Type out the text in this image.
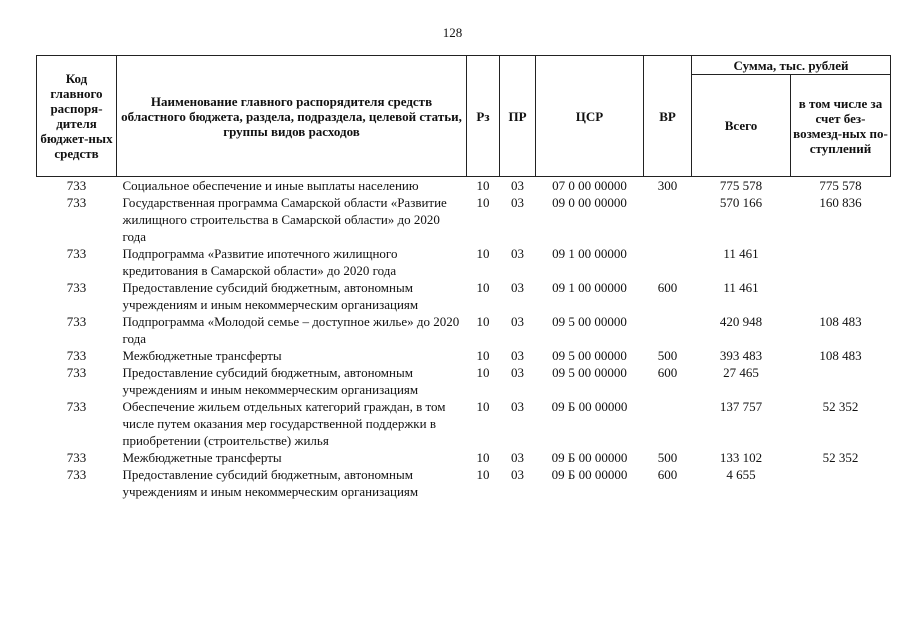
128
Код главного распоря-дителя бюджет-ных средств	Наименование главного распорядителя средств областного бюджета, раздела, подраздела, целевой статьи, группы видов расходов	Рз	ПР	ЦСР	ВР	Сумма, тыс. рублей	
						Всего	в том числе за счет без-возмезд-ных по-ступлений
733	Социальное обеспечение и иные выплаты населению	10	03	07 0 00 00000	300	775 578	775 578
733	Государственная программа Самарской области «Развитие жилищного строительства в Самарской области» до 2020 года	10	03	09 0 00 00000		570 166	160 836
733	Подпрограмма «Развитие ипотечного жилищного кредитования в Самарской области» до 2020 года	10	03	09 1 00 00000		11 461	
733	Предоставление субсидий бюджетным, автономным учреждениям и иным некоммерческим организациям	10	03	09 1 00 00000	600	11 461	
733	Подпрограмма «Молодой семье – доступное жилье» до 2020 года	10	03	09 5 00 00000		420 948	108 483
733	Межбюджетные трансферты	10	03	09 5 00 00000	500	393 483	108 483
733	Предоставление субсидий бюджетным, автономным учреждениям и иным некоммерческим организациям	10	03	09 5 00 00000	600	27 465	
733	Обеспечение жильем отдельных категорий граждан, в том числе путем оказания мер государственной поддержки в приобретении (строительстве) жилья	10	03	09 Б 00 00000		137 757	52 352
733	Межбюджетные трансферты	10	03	09 Б 00 00000	500	133 102	52 352
733	Предоставление субсидий бюджетным, автономным учреждениям и иным некоммерческим организациям	10	03	09 Б 00 00000	600	4 655	
